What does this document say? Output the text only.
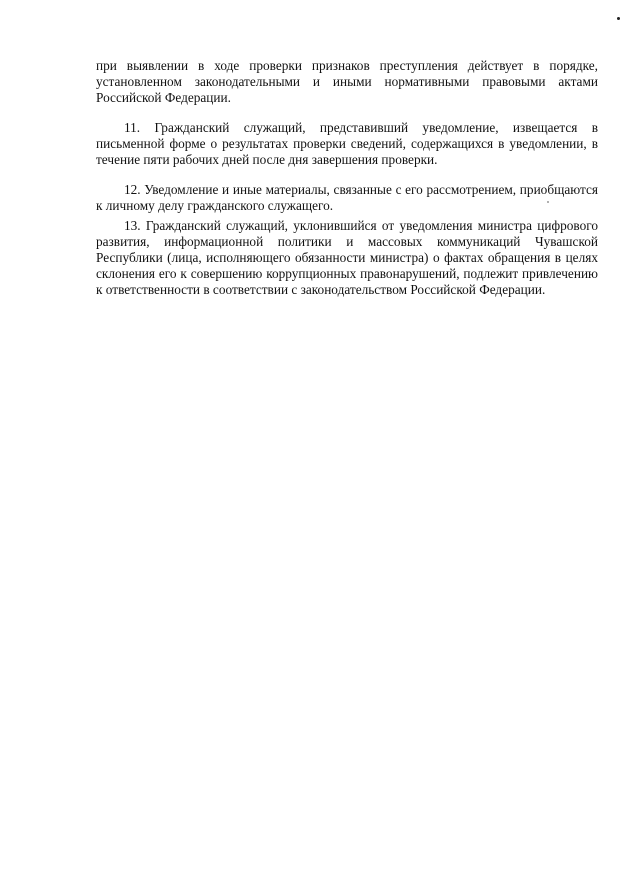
при выявлении в ходе проверки признаков преступления действует в порядке, установленном законодательными и иными нормативными правовыми актами Российской Федерации.

11. Гражданский служащий, представивший уведомление, извещается в письменной форме о результатах проверки сведений, содержащихся в уведомлении, в течение пяти рабочих дней после дня завершения проверки.

12. Уведомление и иные материалы, связанные с его рассмотрением, приобщаются к личному делу гражданского служащего.

13. Гражданский служащий, уклонившийся от уведомления министра цифрового развития, информационной политики и массовых коммуникаций Чувашской Республики (лица, исполняющего обязанности министра) о фактах обращения в целях склонения его к совершению коррупционных правонарушений, подлежит привлечению к ответственности в соответствии с законодательством Российской Федерации.
